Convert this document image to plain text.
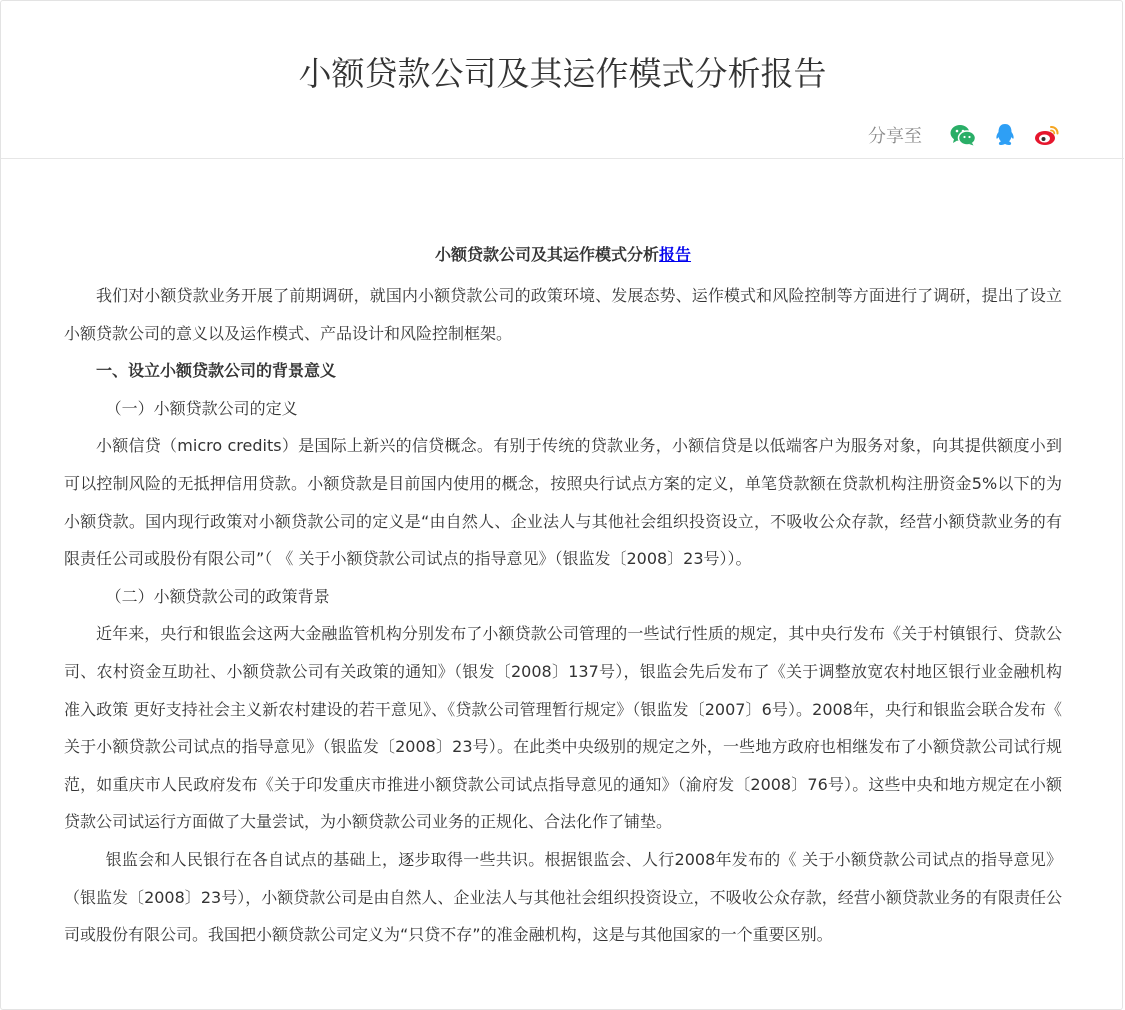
小额贷款公司及其运作模式分析报告
分享至
小额贷款公司及其运作模式分析报告

我们对小额贷款业务开展了前期调研，就国内小额贷款公司的政策环境、发展态势、运作模式和风险控制等方面进行了调研，提出了设立小额贷款公司的意义以及运作模式、产品设计和风险控制框架。

一、设立小额贷款公司的背景意义

（一）小额贷款公司的定义

小额信贷（micro credits）是国际上新兴的信贷概念。有别于传统的贷款业务，小额信贷是以低端客户为服务对象，向其提供额度小到可以控制风险的无抵押信用贷款。小额贷款是目前国内使用的概念，按照央行试点方案的定义，单笔贷款额在贷款机构注册资金5%以下的为小额贷款。国内现行政策对小额贷款公司的定义是“由自然人、企业法人与其他社会组织投资设立，不吸收公众存款，经营小额贷款业务的有限责任公司或股份有限公司”（ 《 关于小额贷款公司试点的指导意见》（银监发〔2008〕23号））。

（二）小额贷款公司的政策背景

近年来，央行和银监会这两大金融监管机构分别发布了小额贷款公司管理的一些试行性质的规定，其中央行发布《关于村镇银行、贷款公司、农村资金互助社、小额贷款公司有关政策的通知》（银发〔2008〕137号），银监会先后发布了《关于调整放宽农村地区银行业金融机构准入政策 更好支持社会主义新农村建设的若干意见》、《贷款公司管理暂行规定》（银监发〔2007〕6号）。2008年，央行和银监会联合发布《 关于小额贷款公司试点的指导意见》（银监发〔2008〕23号）。在此类中央级别的规定之外，一些地方政府也相继发布了小额贷款公司试行规范，如重庆市人民政府发布《关于印发重庆市推进小额贷款公司试点指导意见的通知》（渝府发〔2008〕76号）。这些中央和地方规定在小额贷款公司试运行方面做了大量尝试，为小额贷款公司业务的正规化、合法化作了铺垫。

银监会和人民银行在各自试点的基础上，逐步取得一些共识。根据银监会、人行2008年发布的《 关于小额贷款公司试点的指导意见》（银监发〔2008〕23号），小额贷款公司是由自然人、企业法人与其他社会组织投资设立，不吸收公众存款，经营小额贷款业务的有限责任公司或股份有限公司。我国把小额贷款公司定义为“只贷不存”的准金融机构，这是与其他国家的一个重要区别。
